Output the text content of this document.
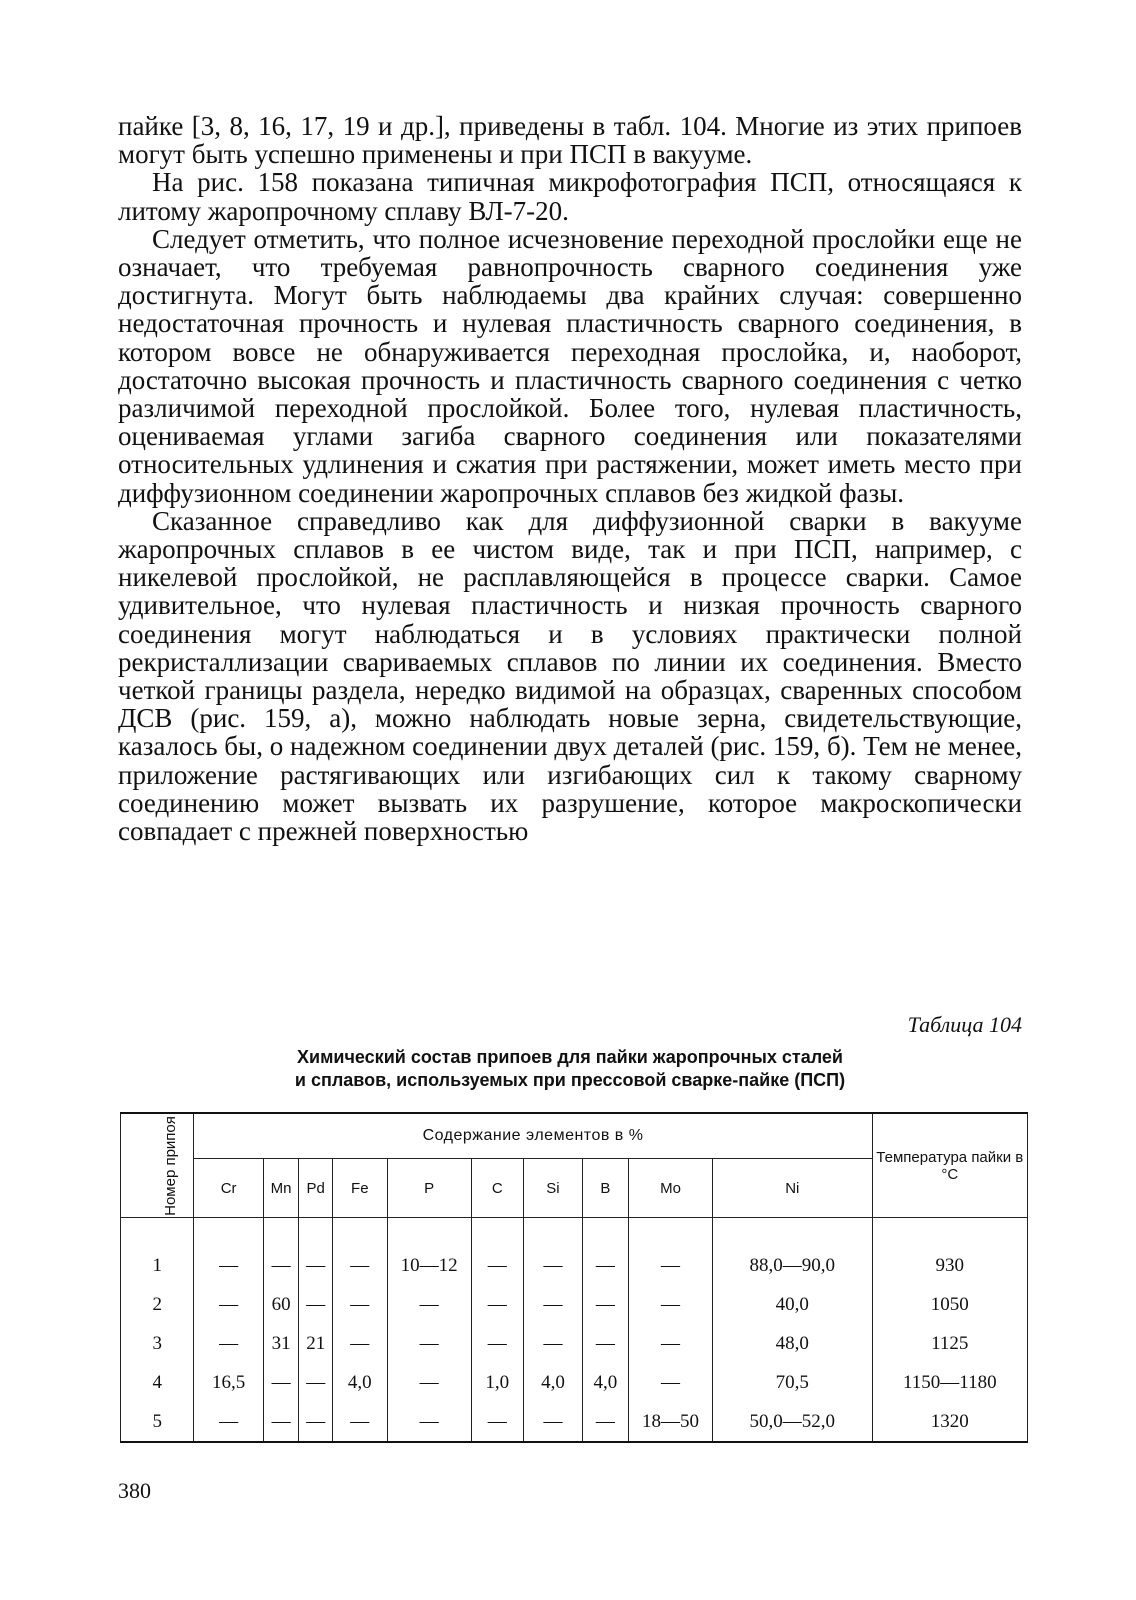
пайке [3, 8, 16, 17, 19 и др.], приведены в табл. 104. Многие из этих припоев могут быть успешно применены и при ПСП в вакууме.

На рис. 158 показана типичная микрофотография ПСП, относящаяся к литому жаропрочному сплаву ВЛ-7-20.

Следует отметить, что полное исчезновение переходной прослойки еще не означает, что требуемая равнопрочность сварного соединения уже достигнута. Могут быть наблюдаемы два крайних случая: совершенно недостаточная прочность и нулевая пластичность сварного соединения, в котором вовсе не обнаруживается переходная прослойка, и, наоборот, достаточно высокая прочность и пластичность сварного соединения с четко различимой переходной прослойкой. Более того, нулевая пластичность, оцениваемая углами загиба сварного соединения или показателями относительных удлинения и сжатия при растяжении, может иметь место при диффузионном соединении жаропрочных сплавов без жидкой фазы.

Сказанное справедливо как для диффузионной сварки в вакууме жаропрочных сплавов в ее чистом виде, так и при ПСП, например, с никелевой прослойкой, не расплавляющейся в процессе сварки. Самое удивительное, что нулевая пластичность и низкая прочность сварного соединения могут наблюдаться и в условиях практически полной рекристаллизации свариваемых сплавов по линии их соединения. Вместо четкой границы раздела, нередко видимой на образцах, сваренных способом ДСВ (рис. 159, а), можно наблюдать новые зерна, свидетельствующие, казалось бы, о надежном соединении двух деталей (рис. 159, б). Тем не менее, приложение растягивающих или изгибающих сил к такому сварному соединению может вызвать их разрушение, которое макроскопически совпадает с прежней поверхностью

Таблица 104
Химический состав припоев для пайки жаропрочных сталей
и сплавов, используемых при прессовой сварке-пайке (ПСП)
Номер припоя	Содержание элементов в %										Температура пайки в °С
	Cr	Mn	Pd	Fe	P	C	Si	B	Mo	Ni	

1	—	—	—	—	10—12	—	—	—	—	88,0—90,0	930
2	—	60	—	—	—	—	—	—	—	40,0	1050
3	—	31	21	—	—	—	—	—	—	48,0	1125
4	16,5	—	—	4,0	—	1,0	4,0	4,0	—	70,5	1150—1180
5	—	—	—	—	—	—	—	—	18—50	50,0—52,0	1320
380
